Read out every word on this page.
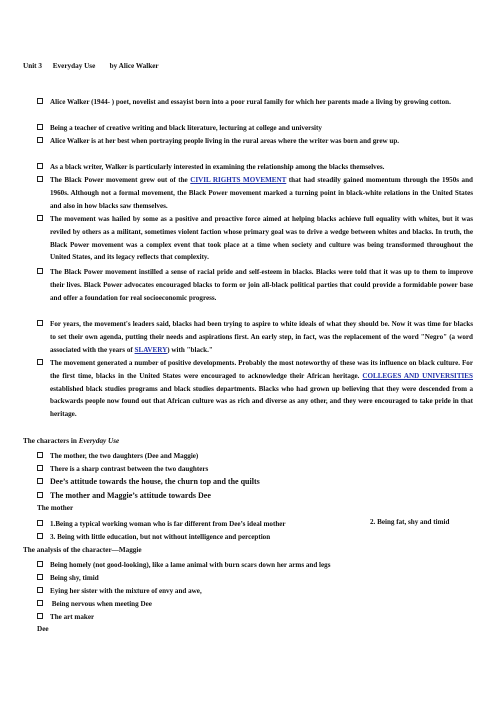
Unit 3      Everyday Use        by Alice Walker
Alice Walker (1944- ) poet, novelist and essayist born into a poor rural family for which her parents made a living by growing cotton.
Being a teacher of creative writing and black literature, lecturing at college and university
Alice Walker is at her best when portraying people living in the rural areas where the writer was born and grew up.
As a black writer, Walker is particularly interested in examining the relationship among the blacks themselves.
The Black Power movement grew out of the CIVIL RIGHTS MOVEMENT that had steadily gained momentum through the 1950s and 1960s. Although not a formal movement, the Black Power movement marked a turning point in black-white relations in the United States and also in how blacks saw themselves.
The movement was hailed by some as a positive and proactive force aimed at helping blacks achieve full equality with whites, but it was reviled by others as a militant, sometimes violent faction whose primary goal was to drive a wedge between whites and blacks. In truth, the Black Power movement was a complex event that took place at a time when society and culture was being transformed throughout the United States, and its legacy reflects that complexity.
The Black Power movement instilled a sense of racial pride and self-esteem in blacks. Blacks were told that it was up to them to improve their lives. Black Power advocates encouraged blacks to form or join all-black political parties that could provide a formidable power base and offer a foundation for real socioeconomic progress.
For years, the movement's leaders said, blacks had been trying to aspire to white ideals of what they should be. Now it was time for blacks to set their own agenda, putting their needs and aspirations first. An early step, in fact, was the replacement of the word "Negro" (a word associated with the years of SLAVERY) with "black."
The movement generated a number of positive developments. Probably the most noteworthy of these was its influence on black culture. For the first time, blacks in the United States were encouraged to acknowledge their African heritage. COLLEGES AND UNIVERSITIES established black studies programs and black studies departments. Blacks who had grown up believing that they were descended from a backwards people now found out that African culture was as rich and diverse as any other, and they were encouraged to take pride in that heritage.
The characters in Everyday Use
The mother, the two daughters (Dee and Maggie)
There is a sharp contrast between the two daughters
Dee’s attitude towards the house, the churn top and the quilts
The mother and Maggie’s attitude towards Dee
The mother
1.Being a typical working woman who is far different from Dee’s ideal mother	2. Being fat, shy and timid
3. Being with little education, but not without intelligence and perception
The analysis of the character—Maggie
Being homely (not good-looking), like a lame animal with burn scars down her arms and legs
Being shy, timid
Eying her sister with the mixture of envy and awe,
Being nervous when meeting Dee
The art maker
Dee
